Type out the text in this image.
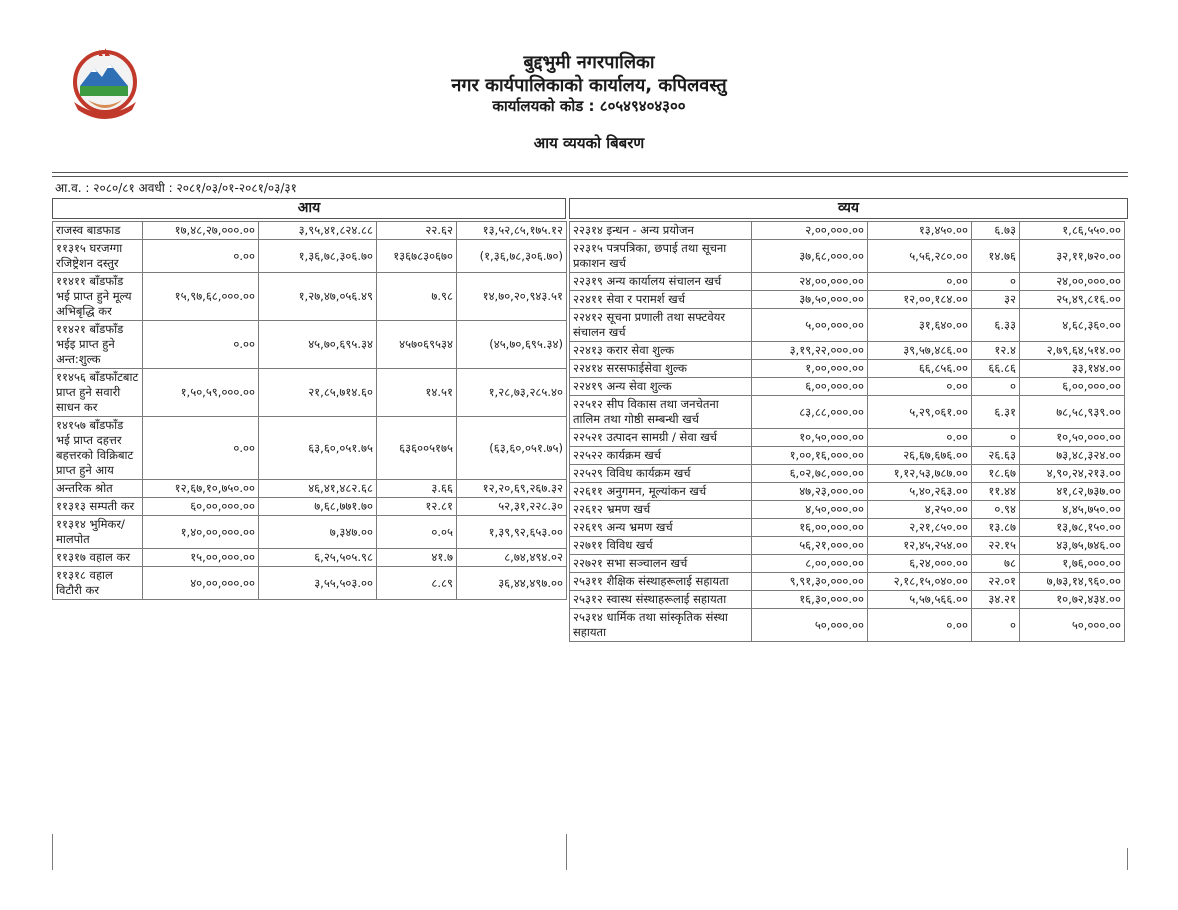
बुद्दभुमी नगरपालिका
नगर कार्यपालिकाको कार्यालय, कपिलवस्तु
कार्यालयको कोड : ८०५४९४०४३००
आय व्ययको बिबरण
आ.व. : २०८०/८१ अवधी : २०८१/०३/०१-२०८१/०३/३१
आय	व्यय
राजस्व बाडफाड	१७,४८,२७,०००.००	३,९५,४१,८२४.८८	२२.६२	१३,५२,८५,१७५.१२
११३१५ घरजग्गा रजिष्ट्रेशन दस्तुर	०.००	१,३६,७८,३०६.७०	१३६७८३०६७०	(१,३६,७८,३०६.७०)
११४११ बाँडफाँड भई प्राप्त हुने मूल्य अभिबृद्धि कर	१५,९७,६८,०००.००	१,२७,४७,०५६.४९	७.९८	१४,७०,२०,९४३.५१
११४२१ बाँडफाँड भईइ प्राप्त हुने अन्त:शुल्क	०.००	४५,७०,६९५.३४	४५७०६९५३४	(४५,७०,६९५.३४)
११४५६ बाँडफाँटबाट प्राप्त हुने सवारी साधन कर	१,५०,५९,०००.००	२१,८५,७१४.६०	१४.५१	१,२८,७३,२८५.४०
१४१५७ बाँडफाँड भई प्राप्त दहत्तर बहत्तरको विक्रिबाट प्राप्त हुने आय	०.००	६३,६०,०५१.७५	६३६००५१७५	(६३,६०,०५१.७५)
अन्तरिक श्रोत	१२,६७,१०,७५०.००	४६,४१,४८२.६८	३.६६	१२,२०,६९,२६७.३२
११३१३ सम्पती कर	६०,००,०००.००	७,६८,७७१.७०	१२.८१	५२,३१,२२८.३०
११३१४ भुमिकर/ मालपोत	१,४०,००,०००.००	७,३४७.००	०.०५	१,३९,९२,६५३.००
११३१७ वहाल कर	१५,००,०००.००	६,२५,५०५.९८	४१.७	८,७४,४९४.०२
११३१८ वहाल विटौरी कर	४०,००,०००.००	३,५५,५०३.००	८.८९	३६,४४,४९७.००
२२३१४ इन्धन - अन्य प्रयोजन	२,००,०००.००	१३,४५०.००	६.७३	१,८६,५५०.००
२२३१५ पत्रपत्रिका, छपाई तथा सूचना प्रकाशन खर्च	३७,६८,०००.००	५,५६,२८०.००	१४.७६	३२,११,७२०.००
२२३१९ अन्य कार्यालय संचालन खर्च	२४,००,०००.००	०.००	०	२४,००,०००.००
२२४११ सेवा र परामर्श खर्च	३७,५०,०००.००	१२,००,१८४.००	३२	२५,४९,८१६.००
२२४१२ सूचना प्रणाली तथा सफ्टवेयर संचालन खर्च	५,००,०००.००	३१,६४०.००	६.३३	४,६८,३६०.००
२२४१३ करार सेवा शुल्क	३,१९,२२,०००.००	३९,५७,४८६.००	१२.४	२,७९,६४,५१४.००
२२४१४ सरसफाईसेवा शुल्क	१,००,०००.००	६६,८५६.००	६६.८६	३३,१४४.००
२२४१९ अन्य सेवा शुल्क	६,००,०००.००	०.००	०	६,००,०००.००
२२५१२ सीप विकास तथा जनचेतना तालिम तथा गोष्ठी सम्बन्धी खर्च	८३,८८,०००.००	५,२९,०६१.००	६.३१	७८,५८,९३९.००
२२५२१ उत्पादन सामग्री / सेवा खर्च	१०,५०,०००.००	०.००	०	१०,५०,०००.००
२२५२२ कार्यक्रम खर्च	१,००,१६,०००.००	२६,६७,६७६.००	२६.६३	७३,४८,३२४.००
२२५२९ विविध कार्यक्रम खर्च	६,०२,७८,०००.००	१,१२,५३,७८७.००	१८.६७	४,९०,२४,२१३.००
२२६११ अनुगमन, मूल्यांकन खर्च	४७,२३,०००.००	५,४०,२६३.००	११.४४	४१,८२,७३७.००
२२६१२ भ्रमण खर्च	४,५०,०००.००	४,२५०.००	०.९४	४,४५,७५०.००
२२६१९ अन्य भ्रमण खर्च	१६,००,०००.००	२,२१,८५०.००	१३.८७	१३,७८,१५०.००
२२७११ विविध खर्च	५६,२१,०००.००	१२,४५,२५४.००	२२.१५	४३,७५,७४६.००
२२७२१ सभा सञ्चालन खर्च	८,००,०००.००	६,२४,०००.००	७८	१,७६,०००.००
२५३११ शैक्षिक संस्थाहरूलाई सहायता	९,९१,३०,०००.००	२,१८,१५,०४०.००	२२.०१	७,७३,१४,९६०.००
२५३१२ स्वास्थ संस्थाहरूलाई सहायता	१६,३०,०००.००	५,५७,५६६.००	३४.२१	१०,७२,४३४.००
२५३१४ धार्मिक तथा सांस्कृतिक संस्था सहायता	५०,०००.००	०.००	०	५०,०००.००
